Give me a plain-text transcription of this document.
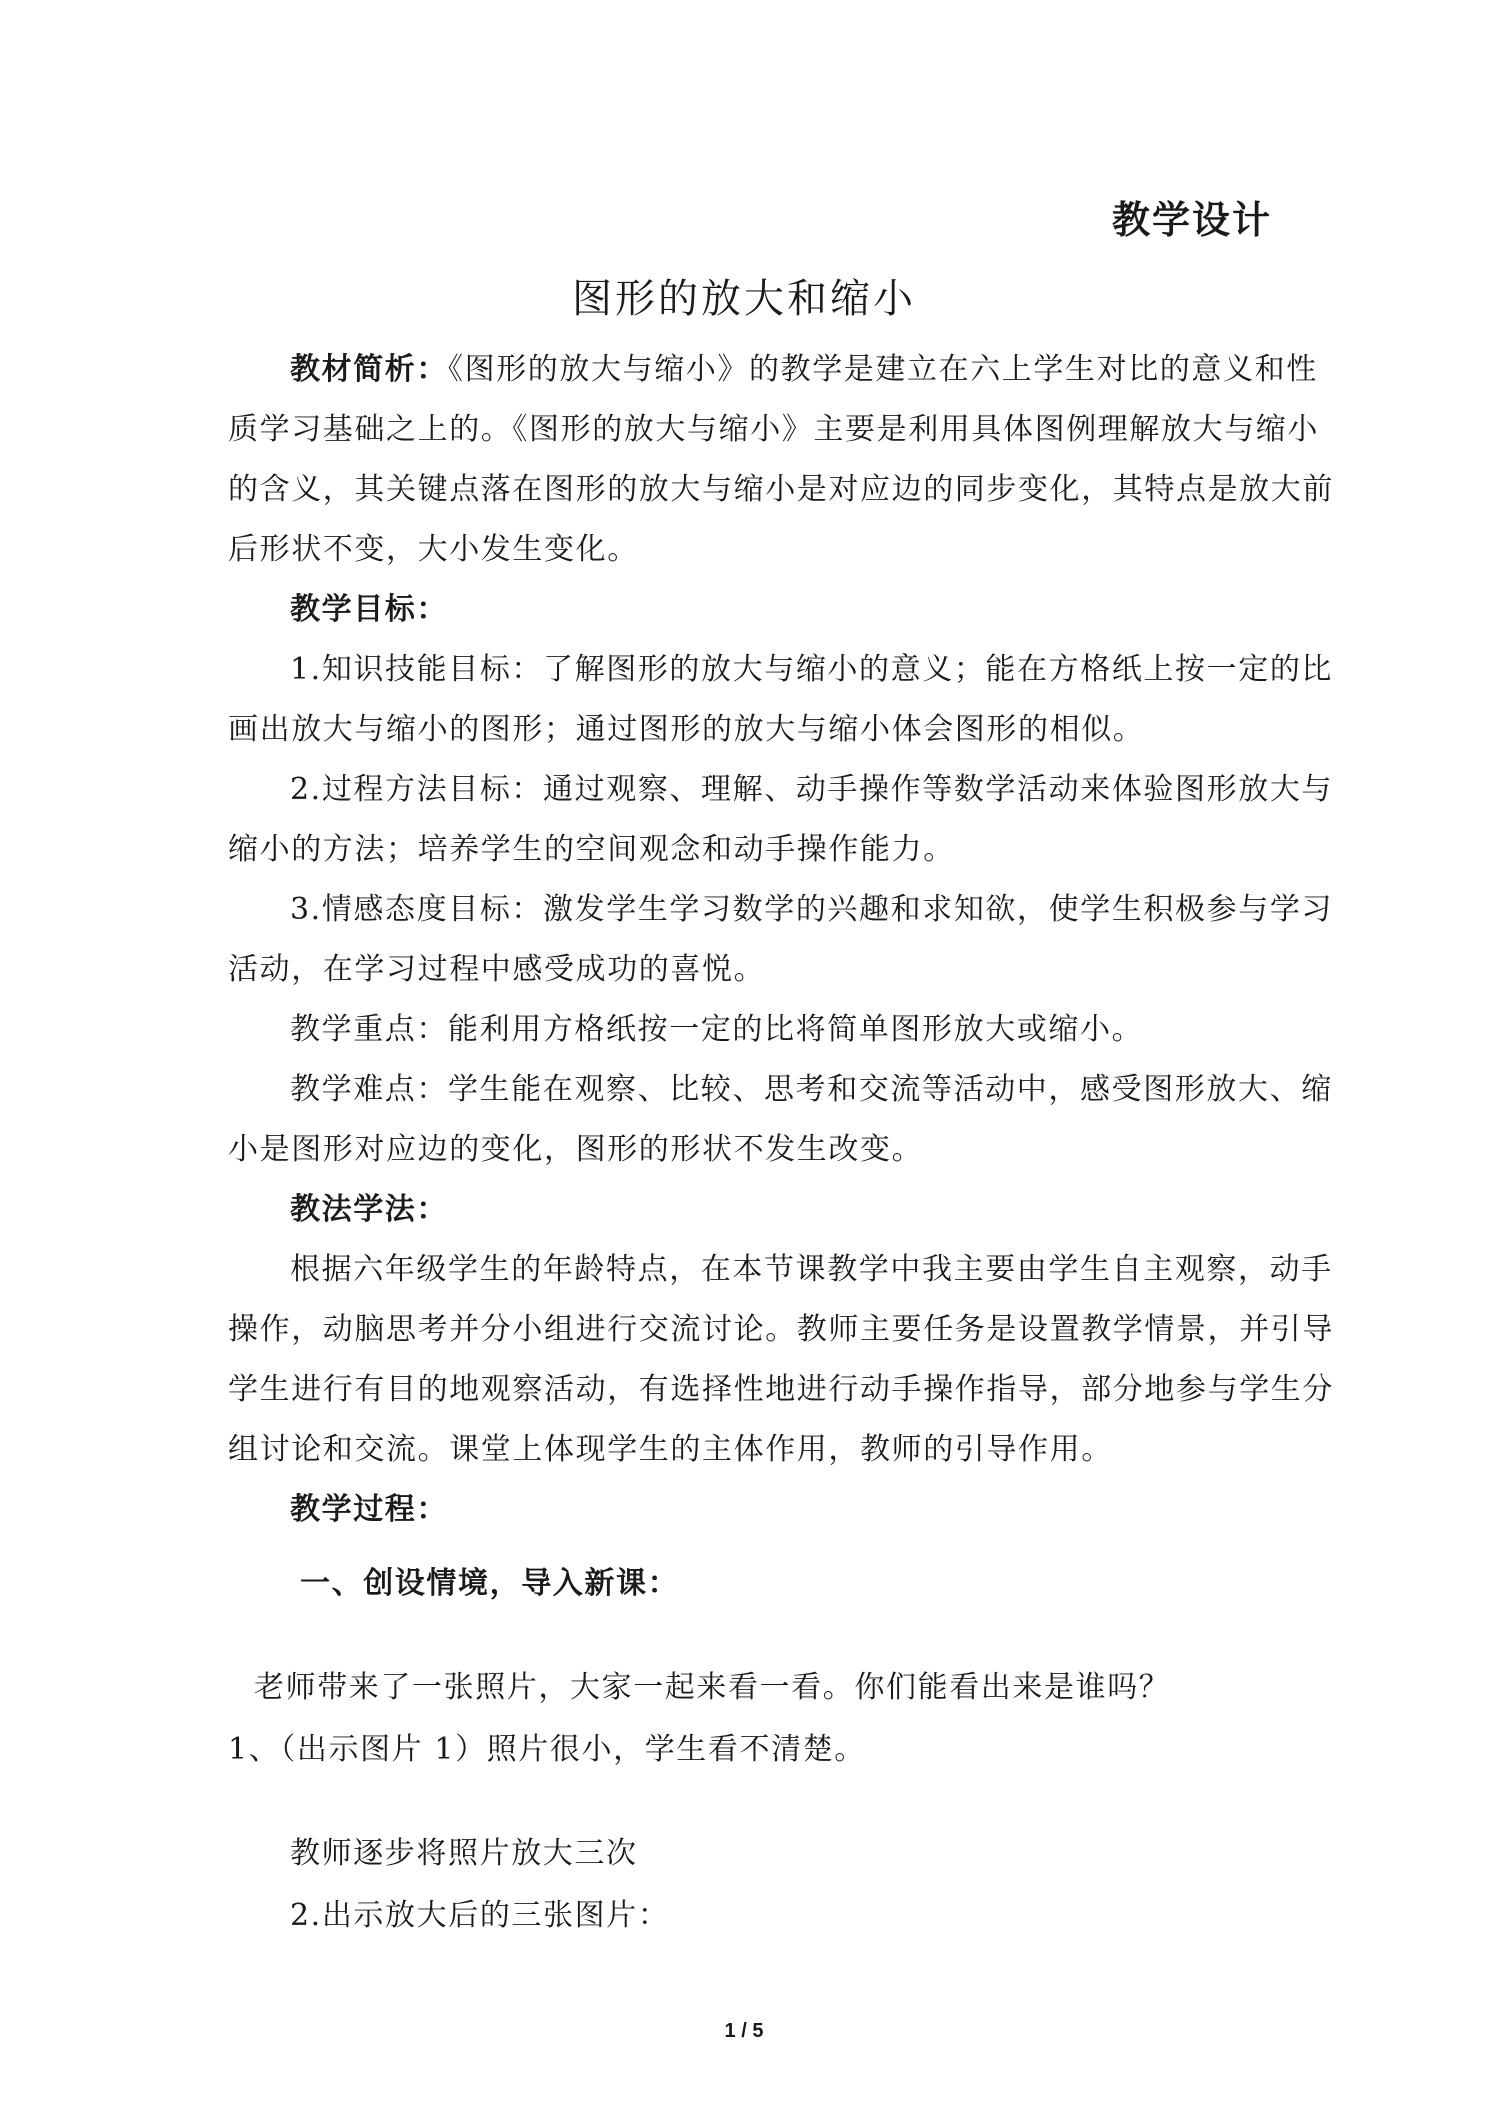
教学设计
图形的放大和缩小
教材简析：《图形的放大与缩小》的教学是建立在六上学生对比的意义和性
质学习基础之上的。《图形的放大与缩小》主要是利用具体图例理解放大与缩小
的含义，其关键点落在图形的放大与缩小是对应边的同步变化，其特点是放大前
后形状不变，大小发生变化。
教学目标：
1.知识技能目标：了解图形的放大与缩小的意义；能在方格纸上按一定的比
画出放大与缩小的图形；通过图形的放大与缩小体会图形的相似。
2.过程方法目标：通过观察、理解、动手操作等数学活动来体验图形放大与
缩小的方法；培养学生的空间观念和动手操作能力。
3.情感态度目标：激发学生学习数学的兴趣和求知欲，使学生积极参与学习
活动，在学习过程中感受成功的喜悦。
教学重点：能利用方格纸按一定的比将简单图形放大或缩小。
教学难点：学生能在观察、比较、思考和交流等活动中，感受图形放大、缩
小是图形对应边的变化，图形的形状不发生改变。
教法学法：
根据六年级学生的年龄特点，在本节课教学中我主要由学生自主观察，动手
操作，动脑思考并分小组进行交流讨论。教师主要任务是设置教学情景，并引导
学生进行有目的地观察活动，有选择性地进行动手操作指导，部分地参与学生分
组讨论和交流。课堂上体现学生的主体作用，教师的引导作用。
教学过程：
一、创设情境，导入新课：
老师带来了一张照片，大家一起来看一看。你们能看出来是谁吗？
1、（出示图片 1）照片很小，学生看不清楚。
教师逐步将照片放大三次
2.出示放大后的三张图片：
1 / 5
